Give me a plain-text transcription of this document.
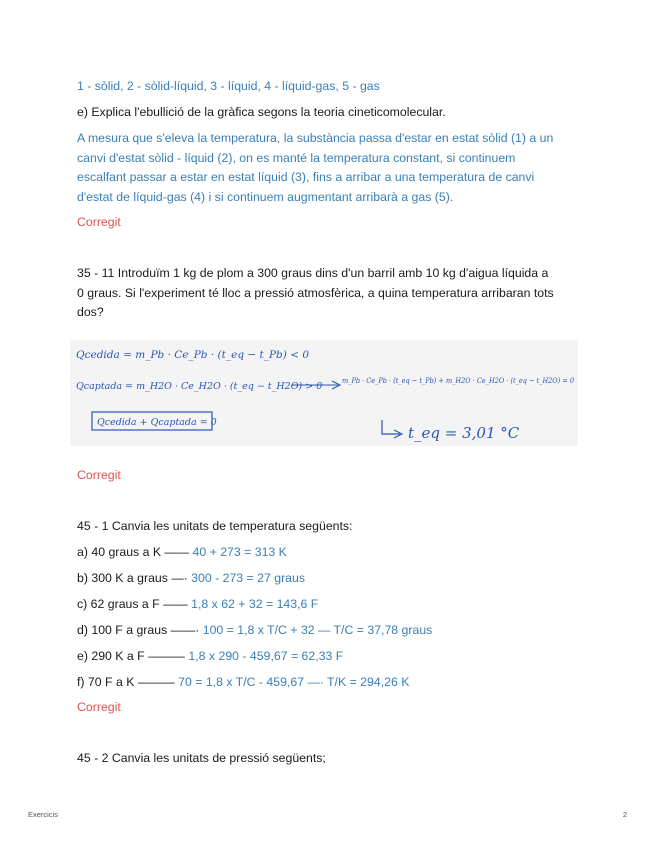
1 - sòlid, 2 - sòlid-líquid, 3 - líquid, 4 - líquid-gas, 5 - gas
e) Explica l'ebullició de la gràfica segons la teoria cineticomolecular.
A mesura que s'eleva la temperatura, la substància passa d'estar en estat sòlid (1) a un
canvi d'estat sòlid - líquid (2), on es manté la temperatura constant, si continuem
escalfant passar a estar en estat líquid (3), fins a arribar a una temperatura de canvi
d'estat de líquid-gas (4) i si continuem augmentant arribarà a gas (5).
Corregit
35 - 11 Introduïm 1 kg de plom a 300 graus dins d'un barril amb 10 kg d'aigua líquida a
0 graus. Si l'experiment té lloc a pressió atmosfèrica, a quina temperatura arribaran tots
dos?
Qcedida = m_Pb · Ce_Pb · (t_eq − t_Pb) < 0
Qcaptada = m_H2O · Ce_H2O · (t_eq − t_H2O) > 0
Qcedida + Qcaptada = 0
m_Pb · Ce_Pb · (t_eq − t_Pb) + m_H2O · Ce_H2O · (t_eq − t_H2O) = 0
t_eq = 3,01 °C
Corregit
45 - 1 Canvia les unitats de temperatura següents:
a) 40 graus a K —— 40 + 273 = 313 K
b) 300 K a graus —· 300 - 273 = 27 graus
c) 62 graus a F —— 1,8 x 62 + 32 = 143,6 F
d) 100 F a graus ——· 100 = 1,8 x T/C + 32 — T/C = 37,78 graus
e) 290 K a F ——— 1,8 x 290 - 459,67 = 62,33 F
f) 70 F a K ——— 70 = 1,8 x T/C - 459,67 —· T/K = 294,26 K
Corregit
45 - 2 Canvia les unitats de pressió següents;
Exercicis	2
